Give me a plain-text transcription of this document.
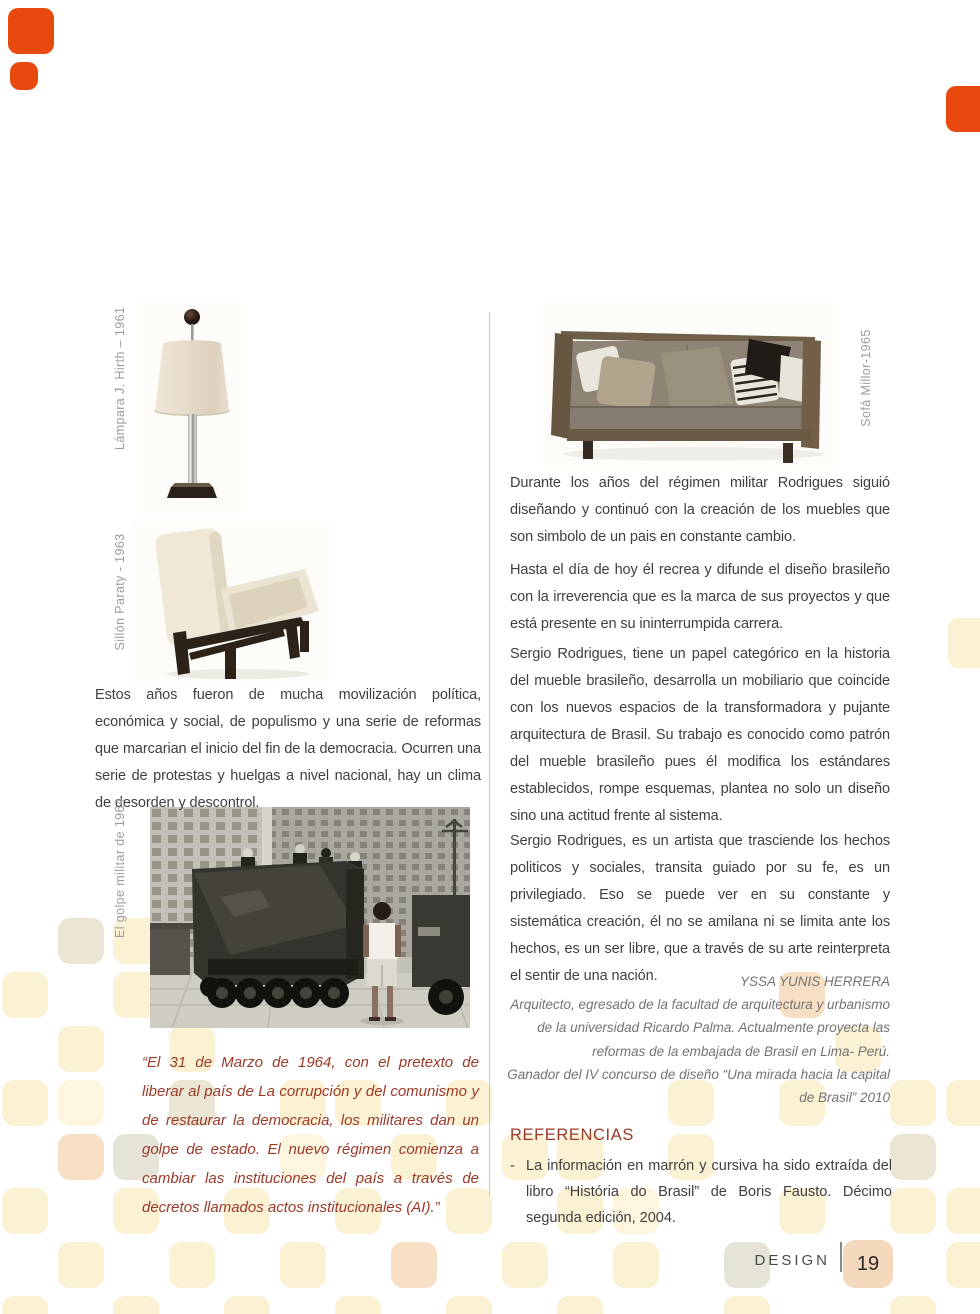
Lámpara J. Hirth – 1961
Sillón Paraty - 1963
Estos años fueron de mucha movilización política, económica y social, de populismo y una serie de reformas que marcarian el inicio del fin de la democracia. Ocurren una serie de protestas y huelgas a nivel nacional, hay un clima de desorden y descontrol.
El golpe militar de 1964
“El 31 de Marzo de 1964, con el pretexto de liberar al país de La corrupción y del comunismo y de restaurar la democracia, los militares dan un golpe de estado. El nuevo régimen comienza a cambiar las instituciones del país a través de decretos llamados actos institucionales (AI).”
Sofá Millor-1965
Durante los años del régimen militar Rodrigues siguió diseñando y continuó con la creación de los muebles que son simbolo de un pais en constante cambio.
Hasta el día de hoy él recrea y difunde el diseño brasileño con la irreverencia que es la marca de sus proyectos y que está presente en su ininterrumpida carrera.
Sergio Rodrigues, tiene un papel categórico en la historia del mueble brasileño, desarrolla un mobiliario que coincide con los nuevos espacios de la transformadora y pujante arquitectura de Brasil. Su trabajo es conocido como patrón del mueble brasileño pues él modifica los estándares establecidos, rompe esquemas, plantea no solo un diseño sino una actitud frente al sistema.
Sergio Rodrigues, es un artista que trasciende los hechos politicos y sociales, transita guiado por su fe, es un privilegiado. Eso se puede ver en su constante y sistemática creación, él no se amilana ni se limita ante los hechos, es un ser libre, que a través de su arte reinterpreta el sentir de una nación.	YSSA YUNIS HERRERA
Arquitecto, egresado de la facultad de arquitectura y urbanismo
de la universidad Ricardo Palma. Actualmente proyecta las
reformas de la embajada de Brasil en Lima- Perú.
Ganador del IV concurso de diseño “Una mirada hacia la capital
de Brasil” 2010
REFERENCIAS
- La información en marrón y cursiva ha sido extraída del libro “História do Brasil” de Boris Fausto. Décimo segunda edición, 2004.
DESIGN	19
